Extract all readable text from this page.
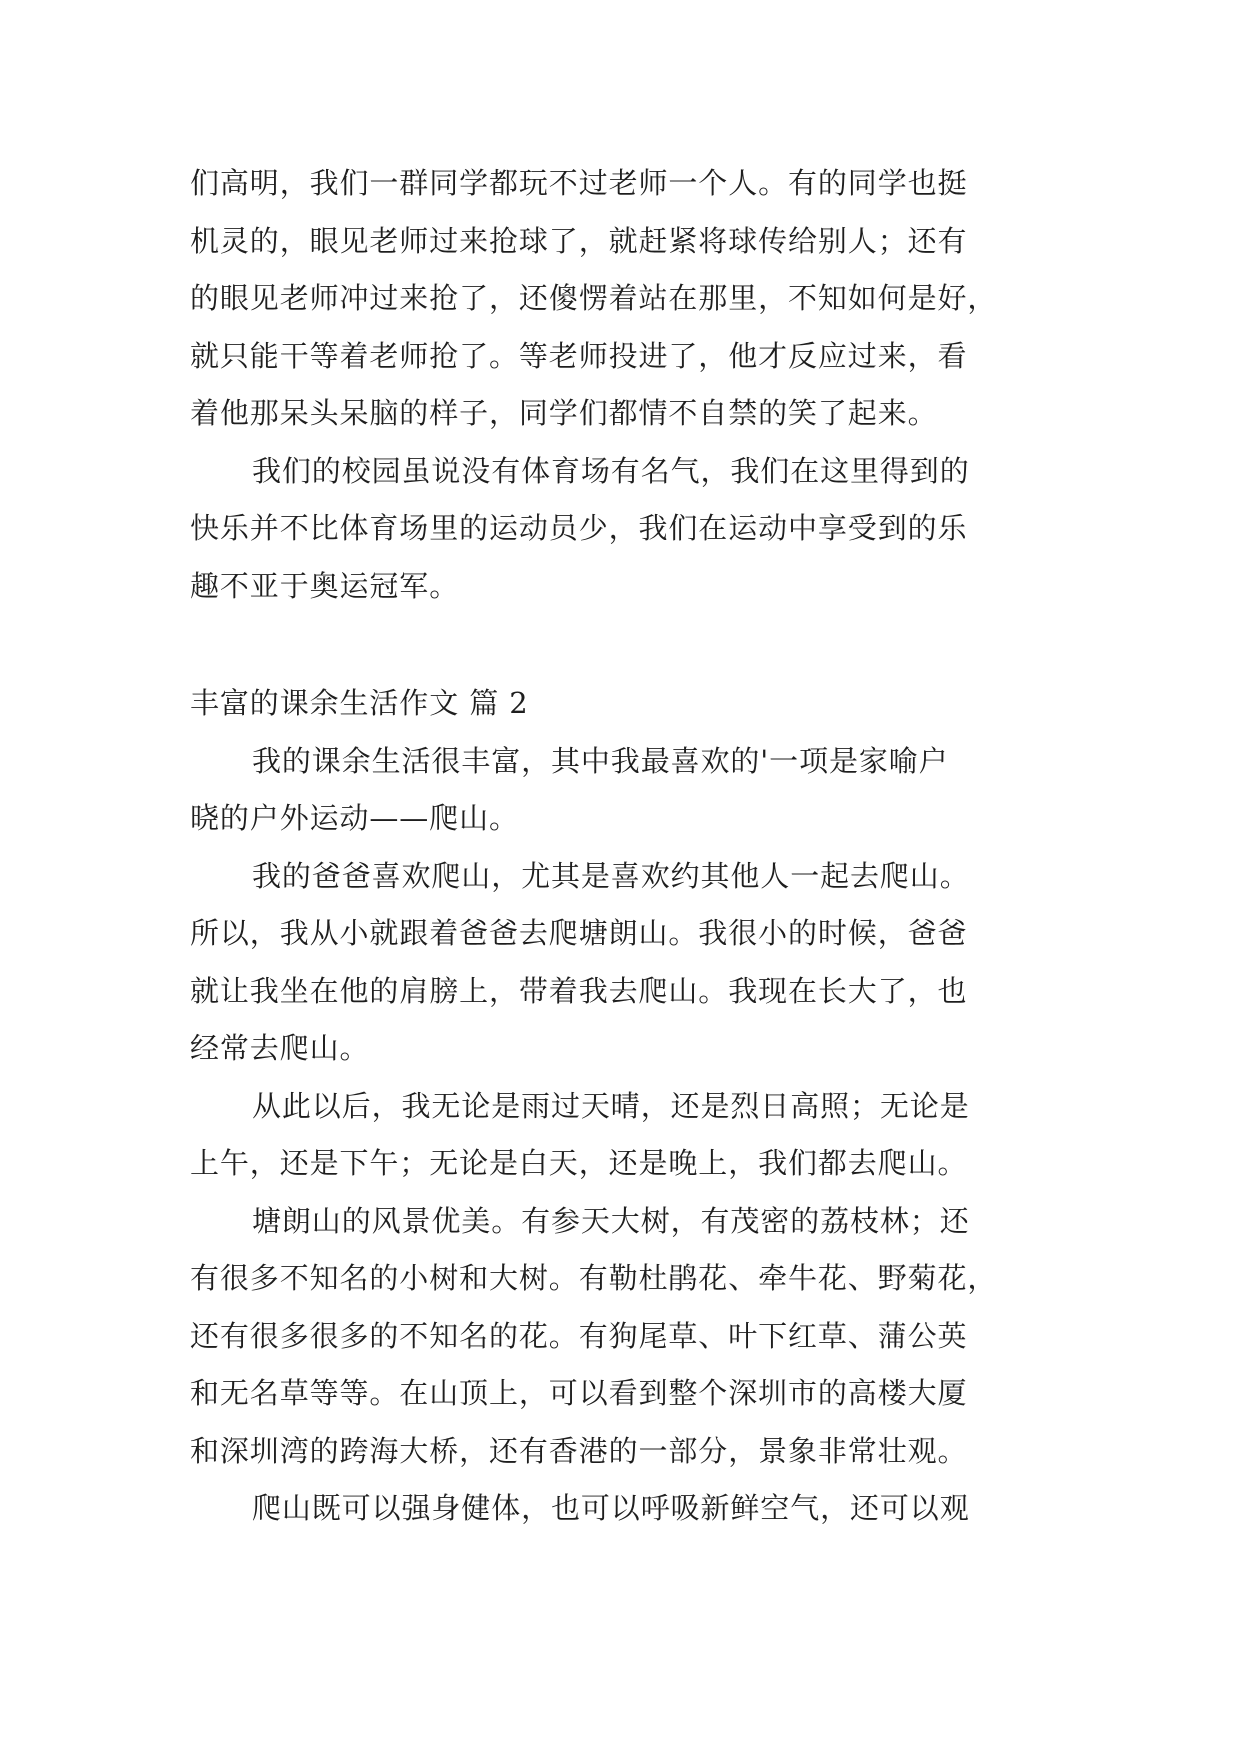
们高明，我们一群同学都玩不过老师一个人。有的同学也挺
机灵的，眼见老师过来抢球了，就赶紧将球传给别人；还有
的眼见老师冲过来抢了，还傻愣着站在那里，不知如何是好，
就只能干等着老师抢了。等老师投进了，他才反应过来，看
着他那呆头呆脑的样子，同学们都情不自禁的笑了起来。
我们的校园虽说没有体育场有名气，我们在这里得到的
快乐并不比体育场里的运动员少，我们在运动中享受到的乐
趣不亚于奥运冠军。
丰富的课余生活作文 篇 2
我的课余生活很丰富，其中我最喜欢的'一项是家喻户
晓的户外运动——爬山。
我的爸爸喜欢爬山，尤其是喜欢约其他人一起去爬山。
所以，我从小就跟着爸爸去爬塘朗山。我很小的时候，爸爸
就让我坐在他的肩膀上，带着我去爬山。我现在长大了，也
经常去爬山。
从此以后，我无论是雨过天晴，还是烈日高照；无论是
上午，还是下午；无论是白天，还是晚上，我们都去爬山。
塘朗山的风景优美。有参天大树，有茂密的荔枝林；还
有很多不知名的小树和大树。有勒杜鹃花、牵牛花、野菊花，
还有很多很多的不知名的花。有狗尾草、叶下红草、蒲公英
和无名草等等。在山顶上，可以看到整个深圳市的高楼大厦
和深圳湾的跨海大桥，还有香港的一部分，景象非常壮观。
爬山既可以强身健体，也可以呼吸新鲜空气，还可以观
